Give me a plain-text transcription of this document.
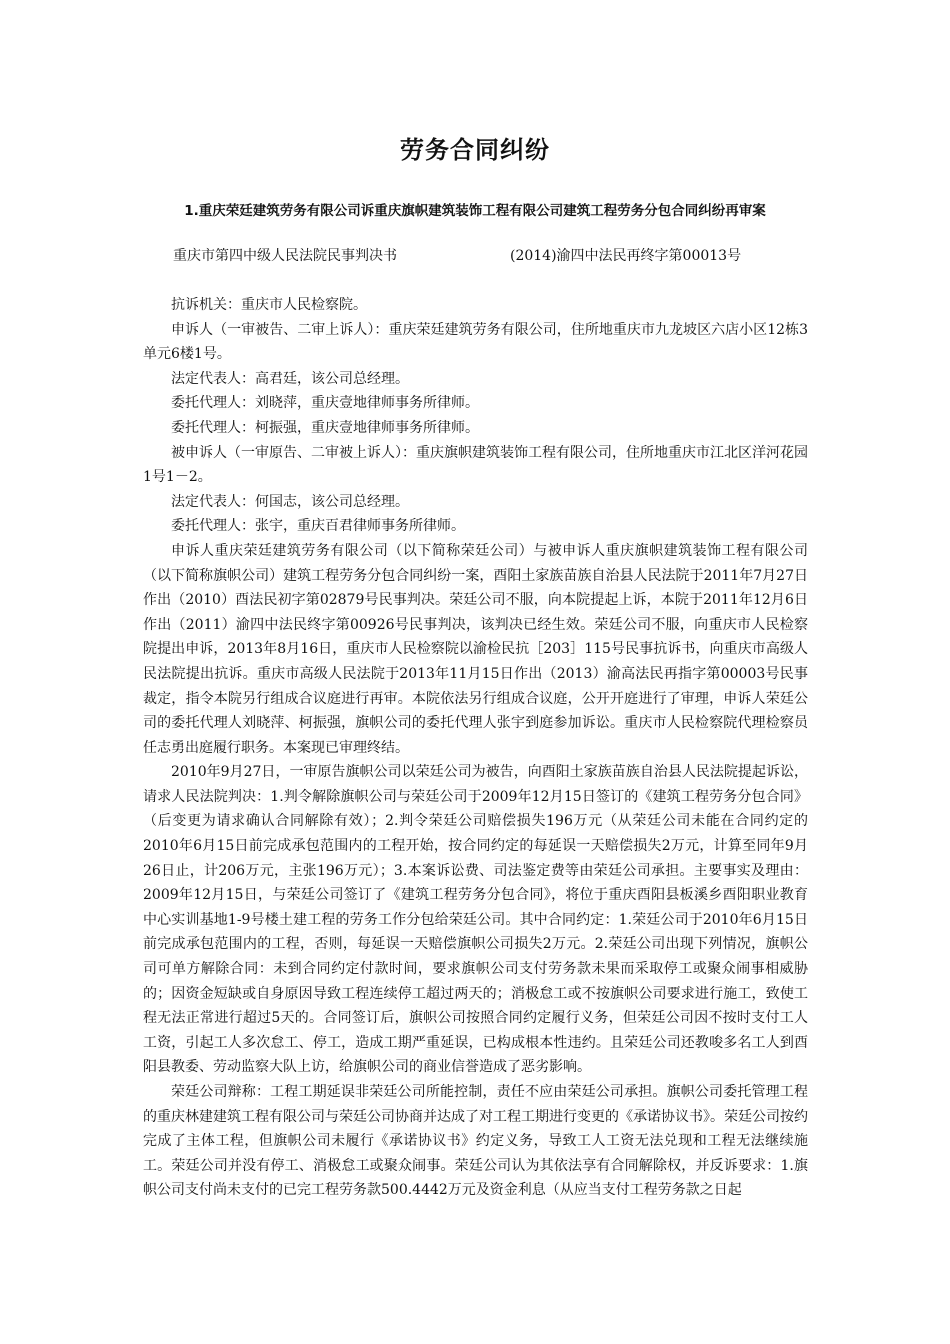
劳务合同纠纷
1.重庆荣廷建筑劳务有限公司诉重庆旗帜建筑装饰工程有限公司建筑工程劳务分包合同纠纷再审案
重庆市第四中级人民法院民事判决书	(2014)渝四中法民再终字第00013号

抗诉机关：重庆市人民检察院。

申诉人（一审被告、二审上诉人）：重庆荣廷建筑劳务有限公司，住所地重庆市九龙坡区六店小区12栋3单元6楼1号。

法定代表人：高君廷，该公司总经理。

委托代理人：刘晓萍，重庆壹地律师事务所律师。

委托代理人：柯振强，重庆壹地律师事务所律师。

被申诉人（一审原告、二审被上诉人）：重庆旗帜建筑装饰工程有限公司，住所地重庆市江北区洋河花园1号1－2。

法定代表人：何国志，该公司总经理。

委托代理人：张宇，重庆百君律师事务所律师。

申诉人重庆荣廷建筑劳务有限公司（以下简称荣廷公司）与被申诉人重庆旗帜建筑装饰工程有限公司（以下简称旗帜公司）建筑工程劳务分包合同纠纷一案，酉阳土家族苗族自治县人民法院于2011年7月27日作出（2010）酉法民初字第02879号民事判决。荣廷公司不服，向本院提起上诉，本院于2011年12月6日作出（2011）渝四中法民终字第00926号民事判决，该判决已经生效。荣廷公司不服，向重庆市人民检察院提出申诉，2013年8月16日，重庆市人民检察院以渝检民抗［203］115号民事抗诉书，向重庆市高级人民法院提出抗诉。重庆市高级人民法院于2013年11月15日作出（2013）渝高法民再指字第00003号民事裁定，指令本院另行组成合议庭进行再审。本院依法另行组成合议庭，公开开庭进行了审理，申诉人荣廷公司的委托代理人刘晓萍、柯振强，旗帜公司的委托代理人张宇到庭参加诉讼。重庆市人民检察院代理检察员任志勇出庭履行职务。本案现已审理终结。

2010年9月27日，一审原告旗帜公司以荣廷公司为被告，向酉阳土家族苗族自治县人民法院提起诉讼，请求人民法院判决：1.判令解除旗帜公司与荣廷公司于2009年12月15日签订的《建筑工程劳务分包合同》（后变更为请求确认合同解除有效）；2.判令荣廷公司赔偿损失196万元（从荣廷公司未能在合同约定的2010年6月15日前完成承包范围内的工程开始，按合同约定的每延误一天赔偿损失2万元，计算至同年9月26日止，计206万元，主张196万元）；3.本案诉讼费、司法鉴定费等由荣廷公司承担。主要事实及理由：2009年12月15日，与荣廷公司签订了《建筑工程劳务分包合同》，将位于重庆酉阳县板溪乡酉阳职业教育中心实训基地1-9号楼土建工程的劳务工作分包给荣廷公司。其中合同约定：1.荣廷公司于2010年6月15日前完成承包范围内的工程，否则，每延误一天赔偿旗帜公司损失2万元。2.荣廷公司出现下列情况，旗帜公司可单方解除合同：未到合同约定付款时间，要求旗帜公司支付劳务款未果而采取停工或聚众闹事相威胁的；因资金短缺或自身原因导致工程连续停工超过两天的；消极怠工或不按旗帜公司要求进行施工，致使工程无法正常进行超过5天的。合同签订后，旗帜公司按照合同约定履行义务，但荣廷公司因不按时支付工人工资，引起工人多次怠工、停工，造成工期严重延误，已构成根本性违约。且荣廷公司还教唆多名工人到酉阳县教委、劳动监察大队上访，给旗帜公司的商业信誉造成了恶劣影响。

荣廷公司辩称：工程工期延误非荣廷公司所能控制，责任不应由荣廷公司承担。旗帜公司委托管理工程的重庆林建建筑工程有限公司与荣廷公司协商并达成了对工程工期进行变更的《承诺协议书》。荣廷公司按约完成了主体工程，但旗帜公司未履行《承诺协议书》约定义务，导致工人工资无法兑现和工程无法继续施工。荣廷公司并没有停工、消极怠工或聚众闹事。荣廷公司认为其依法享有合同解除权，并反诉要求：1.旗帜公司支付尚未支付的已完工程劳务款500.4442万元及资金利息（从应当支付工程劳务款之日起
